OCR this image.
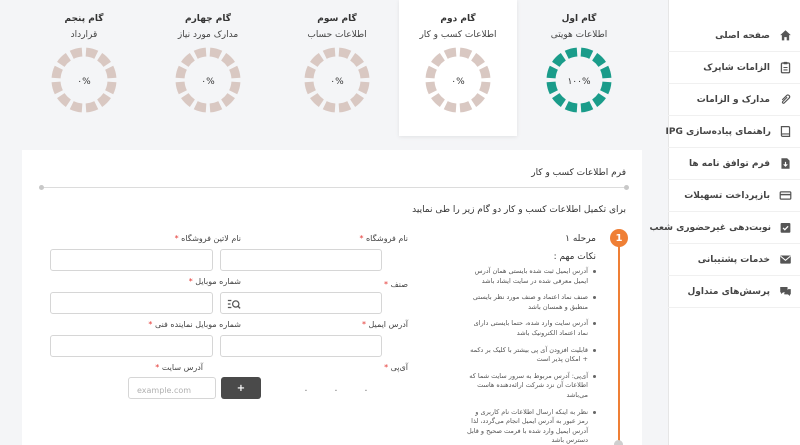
صفحه اصلی
الزامات شاپرک
مدارک و الزامات
راهنمای پیاده‌سازی IPG
فرم توافق نامه ها
بازپرداخت تسهیلات
نوبت‌دهی غیرحضوری شعب
خدمات پشتیبانی
پرسش‌های متداول
گام اول
اطلاعات هویتی
۱۰۰%
گام دوم
اطلاعات کسب و کار
۰%
گام سوم
اطلاعات حساب
۰%
گام چهارم
مدارک مورد نیاز
۰%
گام پنجم
قرارداد
۰%
فرم اطلاعات کسب و کار
برای تکمیل اطلاعات کسب و کار دو گام زیر را طی نمایید
1
مرحله ۱
نکات مهم :
آدرس ایمیل ثبت شده بایستی همان آدرس ایمیل معرفی شده در سایت ایشاد باشد
صنف نماد اعتماد و صنف مورد نظر بایستی منطبق و همسان باشد
آدرس سایت وارد شده، حتما بایستی دارای نماد اعتماد الکترونیک باشد
قابلیت افزودن آی پی بیشتر با کلیک بر دکمه + امکان پذیر است
آی‌پی: آدرس مربوط به سرور سایت شما که اطلاعات آن نزد شرکت ارائه‌دهنده هاست می‌باشد
نظر به اینکه ارسال اطلاعات نام کاربری و رمز عبور به آدرس ایمیل انجام می‌گردد، لذا آدرس ایمیل وارد شده با فرمت صحیح و قابل دسترس باشد
نام فروشگاه *
نام لاتین فروشگاه *
صنف *
شماره موبایل *
آدرس ایمیل *
شماره موبایل نماینده فنی *
آی‌پی *
+	.	.	.
آدرس سایت *
example.com
